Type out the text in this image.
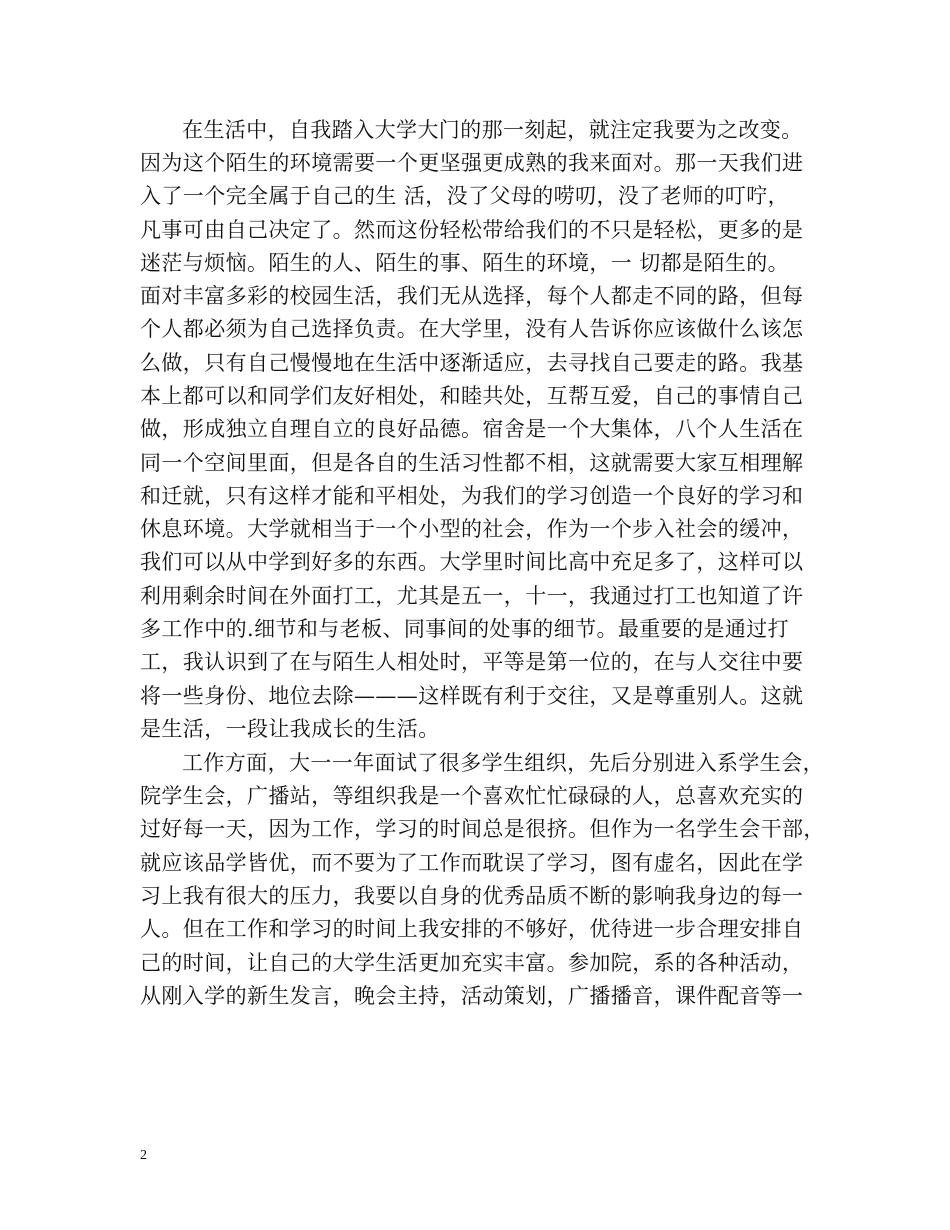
在生活中，自我踏入大学大门的那一刻起，就注定我要为之改变。
因为这个陌生的环境需要一个更坚强更成熟的我来面对。那一天我们进
入了一个完全属于自己的生 活，没了父母的唠叨，没了老师的叮咛，
凡事可由自己决定了。然而这份轻松带给我们的不只是轻松，更多的是
迷茫与烦恼。陌生的人、陌生的事、陌生的环境，一 切都是陌生的。
面对丰富多彩的校园生活，我们无从选择，每个人都走不同的路，但每
个人都必须为自己选择负责。在大学里，没有人告诉你应该做什么该怎
么做，只有自己慢慢地在生活中逐渐适应，去寻找自己要走的路。我基
本上都可以和同学们友好相处，和睦共处，互帮互爱，自己的事情自己
做，形成独立自理自立的良好品德。宿舍是一个大集体，八个人生活在
同一个空间里面，但是各自的生活习性都不相，这就需要大家互相理解
和迁就，只有这样才能和平相处，为我们的学习创造一个良好的学习和
休息环境。大学就相当于一个小型的社会，作为一个步入社会的缓冲，
我们可以从中学到好多的东西。大学里时间比高中充足多了，这样可以
利用剩余时间在外面打工，尤其是五一，十一，我通过打工也知道了许
多工作中的.细节和与老板、同事间的处事的细节。最重要的是通过打
工，我认识到了在与陌生人相处时，平等是第一位的，在与人交往中要
将一些身份、地位去除———这样既有利于交往，又是尊重别人。这就
是生活，一段让我成长的生活。
工作方面，大一一年面试了很多学生组织，先后分别进入系学生会，
院学生会，广播站，等组织我是一个喜欢忙忙碌碌的人，总喜欢充实的
过好每一天，因为工作，学习的时间总是很挤。但作为一名学生会干部，
就应该品学皆优，而不要为了工作而耽误了学习，图有虚名，因此在学
习上我有很大的压力，我要以自身的优秀品质不断的影响我身边的每一
人。但在工作和学习的时间上我安排的不够好，优待进一步合理安排自
己的时间，让自己的大学生活更加充实丰富。参加院，系的各种活动，
从刚入学的新生发言，晚会主持，活动策划，广播播音，课件配音等一
2
